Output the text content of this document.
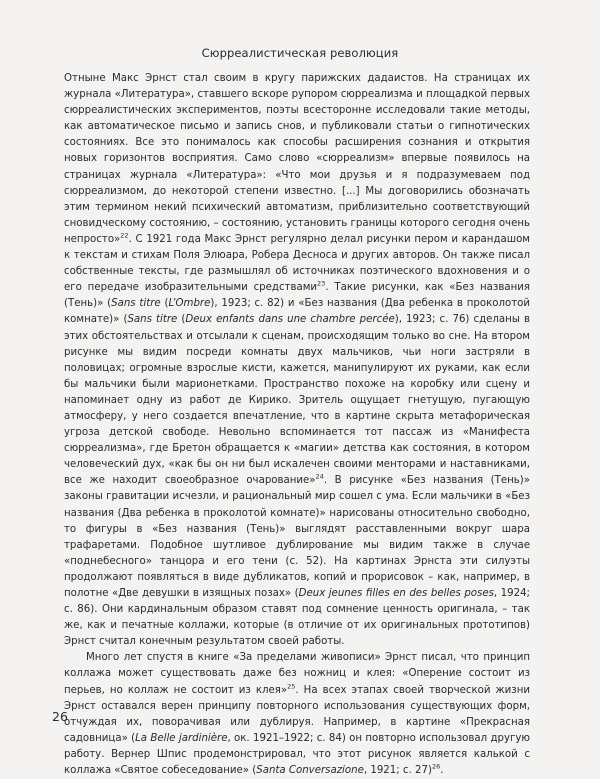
Сюрреалистическая революция

Отныне Макс Эрнст стал своим в кругу парижских дадаистов. На страницах их журнала «Литература», ставшего вскоре рупором сюрреализма и площадкой первых сюрреалистических экспериментов, поэты всесторонне исследовали такие методы, как автоматическое письмо и запись снов, и публиковали статьи о гипнотических состояниях. Все это понималось как способы расширения сознания и открытия новых горизонтов восприятия. Само слово «сюрреализм» впервые появилось на страницах журнала «Литература»: «Что мои друзья и я подразумеваем под сюрреализмом, до некоторой степени известно. [...] Мы договорились обозначать этим термином некий психический автоматизм, приблизительно соответствующий сновидческому состоянию, – состоянию, установить границы которого сегодня очень непросто»$^{22}$. С 1921 года Макс Эрнст регулярно делал рисунки пером и карандашом к текстам и стихам Поля Элюара, Робера Десноса и других авторов. Он также писал собственные тексты, где размышлял об источниках поэтического вдохновения и о его передаче изобразительными средствами$^{23}$. Такие рисунки, как «Без названия (Тень)» (Sans titre (L’Ombre), 1923; с. 82) и «Без названия (Два ребенка в проколотой комнате)» (Sans titre (Deux enfants dans une chambre percée), 1923; с. 76) сделаны в этих обстоятельствах и отсылали к сценам, происходящим только во сне. На втором рисунке мы видим посреди комнаты двух мальчиков, чьи ноги застряли в половицах; огромные взрослые кисти, кажется, манипулируют их руками, как если бы мальчики были марионетками. Пространство похоже на коробку или сцену и напоминает одну из работ де Кирико. Зритель ощущает гнетущую, пугающую атмосферу, у него создается впечатление, что в картине скрыта метафорическая угроза детской свободе. Невольно вспоминается тот пассаж из «Манифеста сюрреализма», где Бретон обращается к «магии» детства как состояния, в котором человеческий дух, «как бы он ни был искалечен своими менторами и наставниками, все же находит своеобразное очарование»$^{24}$. В рисунке «Без названия (Тень)» законы гравитации исчезли, и рациональный мир сошел с ума. Если мальчики в «Без названия (Два ребенка в проколотой комнате)» нарисованы относительно свободно, то фигуры в «Без названия (Тень)» выглядят расставленными вокруг шара трафаретами. Подобное шутливое дублирование мы видим также в случае «поднебесного» танцора и его тени (с. 52). На картинах Эрнста эти силуэты продолжают появляться в виде дубликатов, копий и прорисовок – как, например, в полотне «Две девушки в изящных позах» (Deux jeunes filles en des belles poses, 1924; с. 86). Они кардинальным образом ставят под сомнение ценность оригинала, – так же, как и печатные коллажи, которые (в отличие от их оригинальных прототипов) Эрнст считал конечным результатом своей работы.

Много лет спустя в книге «За пределами живописи» Эрнст писал, что принцип коллажа может существовать даже без ножниц и клея: «Оперение состоит из перьев, но коллаж не состоит из клея»$^{25}$. На всех этапах своей творческой жизни Эрнст оставался верен принципу повторного использования существующих форм, отчуждая их, поворачивая или дублируя. Например, в картине «Прекрасная садовница» (La Belle jardinière, ок. 1921–1922; с. 84) он повторно использовал другую работу. Вернер Шпис продемонстрировал, что этот рисунок является калькой с коллажа «Святое собеседование» (Santa Conversazione, 1921; с. 27)$^{26}$.

26
